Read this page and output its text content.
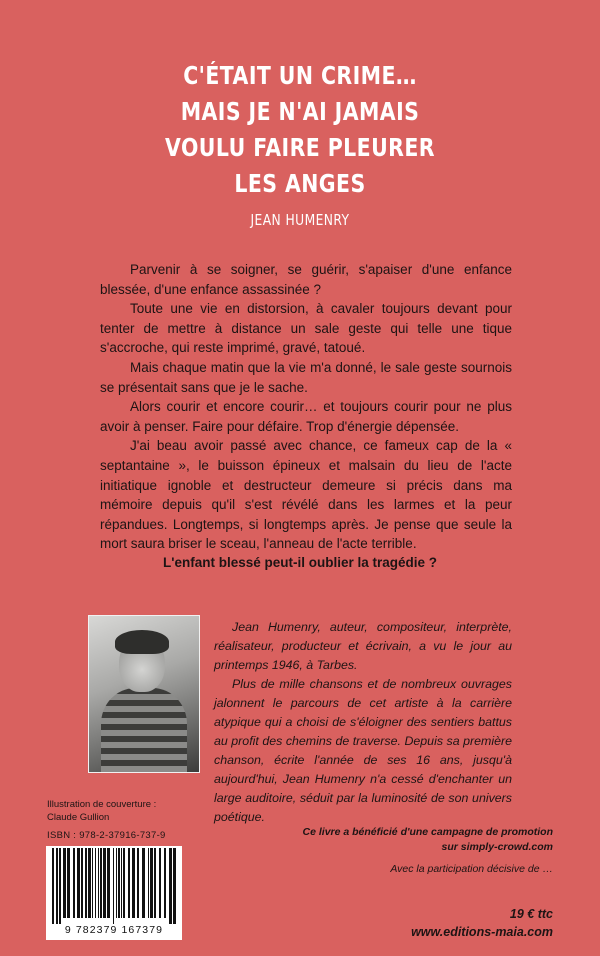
C'ÉTAIT UN CRIME…
MAIS JE N'AI JAMAIS
VOULU FAIRE PLEURER
LES ANGES
JEAN HUMENRY

Parvenir à se soigner, se guérir, s'apaiser d'une enfance blessée, d'une enfance assassinée ?

Toute une vie en distorsion, à cavaler toujours devant pour tenter de mettre à distance un sale geste qui telle une tique s'accroche, qui reste imprimé, gravé, tatoué.

Mais chaque matin que la vie m'a donné, le sale geste sournois se présentait sans que je le sache.

Alors courir et encore courir… et toujours courir pour ne plus avoir à penser. Faire pour défaire. Trop d'énergie dépensée.

J'ai beau avoir passé avec chance, ce fameux cap de la « septantaine », le buisson épineux et malsain du lieu de l'acte initiatique ignoble et destructeur demeure si précis dans ma mémoire depuis qu'il s'est révélé dans les larmes et la peur répandues. Longtemps, si longtemps après. Je pense que seule la mort saura briser le sceau, l'anneau de l'acte terrible.

L'enfant blessé peut-il oublier la tragédie ?

Jean Humenry, auteur, compositeur, interprète, réalisateur, producteur et écrivain, a vu le jour au printemps 1946, à Tarbes.

Plus de mille chansons et de nombreux ouvrages jalonnent le parcours de cet artiste à la carrière atypique qui a choisi de s'éloigner des sentiers battus au profit des chemins de traverse. Depuis sa première chanson, écrite l'année de ses 16 ans, jusqu'à aujourd'hui, Jean Humenry n'a cessé d'enchanter un large auditoire, séduit par la luminosité de son univers poétique.

Illustration de couverture :
Claude Gullion
ISBN : 978-2-37916-737-9
9 782379 167379
Ce livre a bénéficié d'une campagne de promotion
sur simply-crowd.com
Avec la participation décisive de …
19 € ttc
www.editions-maia.com
